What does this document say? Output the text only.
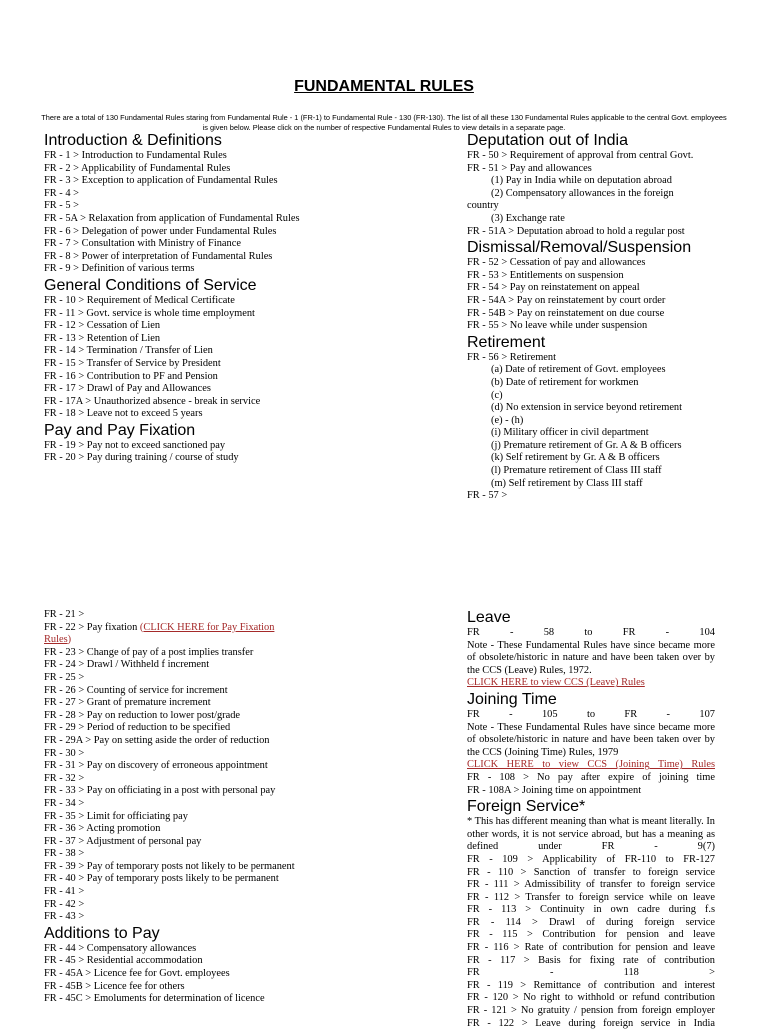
FUNDAMENTAL RULES
There are a total of 130 Fundamental Rules staring from Fundamental Rule - 1 (FR-1) to Fundamental Rule - 130 (FR-130). The list of all these 130 Fundamental Rules applicable to the central Govt. employees is given below. Please click on the number of respective Fundamental Rules to view details in a separate page.
Introduction & Definitions
FR - 1 > Introduction to Fundamental Rules
FR - 2 > Applicability of Fundamental Rules
FR - 3 > Exception to application of Fundamental Rules
FR - 4 >
FR - 5 >
FR - 5A > Relaxation from application of Fundamental Rules
FR - 6 > Delegation of power under Fundamental Rules
FR - 7 > Consultation with Ministry of Finance
FR - 8 > Power of interpretation of Fundamental Rules
FR - 9 > Definition of various terms
General Conditions of Service
FR - 10 > Requirement of Medical Certificate
FR - 11 > Govt. service is whole time employment
FR - 12 > Cessation of Lien
FR - 13 > Retention of Lien
FR - 14 > Termination / Transfer of Lien
FR - 15 > Transfer of Service by President
FR - 16 > Contribution to PF and Pension
FR - 17 > Drawl of Pay and Allowances
FR - 17A > Unauthorized absence - break in service
FR - 18 > Leave not to exceed 5 years
Pay and Pay Fixation
FR - 19 > Pay not to exceed sanctioned pay
FR - 20 > Pay during training / course of study
Deputation out of India
FR - 50 > Requirement of approval from central Govt.
FR - 51 > Pay and allowances
(1) Pay in India while on deputation abroad
(2) Compensatory allowances in the foreign
country
(3) Exchange rate
FR - 51A > Deputation abroad to hold a regular post
Dismissal/Removal/Suspension
FR - 52 > Cessation of pay and allowances
FR - 53 > Entitlements on suspension
FR - 54 > Pay on reinstatement on appeal
FR - 54A > Pay on reinstatement by court order
FR - 54B > Pay on reinstatement on due course
FR - 55 > No leave while under suspension
Retirement
FR - 56 > Retirement
(a) Date of retirement of Govt. employees
(b) Date of retirement for workmen
(c)
(d) No extension in service beyond retirement
(e) - (h)
(i) Military officer in civil department
(j) Premature retirement of Gr. A & B officers
(k) Self retirement by Gr. A & B officers
(l) Premature retirement of Class III staff
(m) Self retirement by Class III staff
FR - 57 >
FR - 21 >
FR - 22 > Pay fixation (CLICK HERE for Pay Fixation Rules)
FR - 23 > Change of pay of a post implies transfer
FR - 24 > Drawl / Withheld f increment
FR - 25 >
FR - 26 > Counting of service for increment
FR - 27 > Grant of premature increment
FR - 28 > Pay on reduction to lower post/grade
FR - 29 > Period of reduction to be specified
FR - 29A > Pay on setting aside the order of reduction
FR - 30 >
FR - 31 > Pay on discovery of erroneous appointment
FR - 32 >
FR - 33 > Pay on officiating in a post with personal pay
FR - 34 >
FR - 35 > Limit for officiating pay
FR - 36 > Acting promotion
FR - 37 > Adjustment of personal pay
FR - 38 >
FR - 39 > Pay of temporary posts not likely to be permanent
FR - 40 > Pay of temporary posts likely to be permanent
FR - 41 >
FR - 42 >
FR - 43 >
Additions to Pay
FR - 44 > Compensatory allowances
FR - 45 > Residential accommodation
FR - 45A > Licence fee for Govt. employees
FR - 45B > Licence fee for others
FR - 45C > Emoluments for determination of licence
Leave
FR - 58 to FR - 104
Note - These Fundamental Rules have since became more of obsolete/historic in nature and have been taken over by the CCS (Leave) Rules, 1972.
CLICK HERE to view CCS (Leave) Rules
Joining Time
FR - 105 to FR - 107
Note - These Fundamental Rules have since became more of obsolete/historic in nature and have been taken over by the CCS (Joining Time) Rules, 1979
CLICK HERE to view CCS (Joining Time) Rules
FR - 108 > No pay after expire of joining time
FR - 108A > Joining time on appointment
Foreign Service*
* This has different meaning than what is meant literally. In other words, it is not service abroad, but has a meaning as defined under FR - 9(7)
FR - 109 > Applicability of FR-110 to FR-127
FR - 110 > Sanction of transfer to foreign service
FR - 111 > Admissibility of transfer to foreign service
FR - 112 > Transfer to foreign service while on leave
FR - 113 > Continuity in own cadre during f.s
FR - 114 > Drawl of during foreign service
FR - 115 > Contribution for pension and leave
FR - 116 > Rate of contribution for pension and leave
FR - 117 > Basis for fixing rate of contribution
FR - 118 >
FR - 119 > Remittance of contribution and interest
FR - 120 > No right to withhold or refund contribution
FR - 121 > No gratuity / pension from foreign employer
FR - 122 > Leave during foreign service in India
